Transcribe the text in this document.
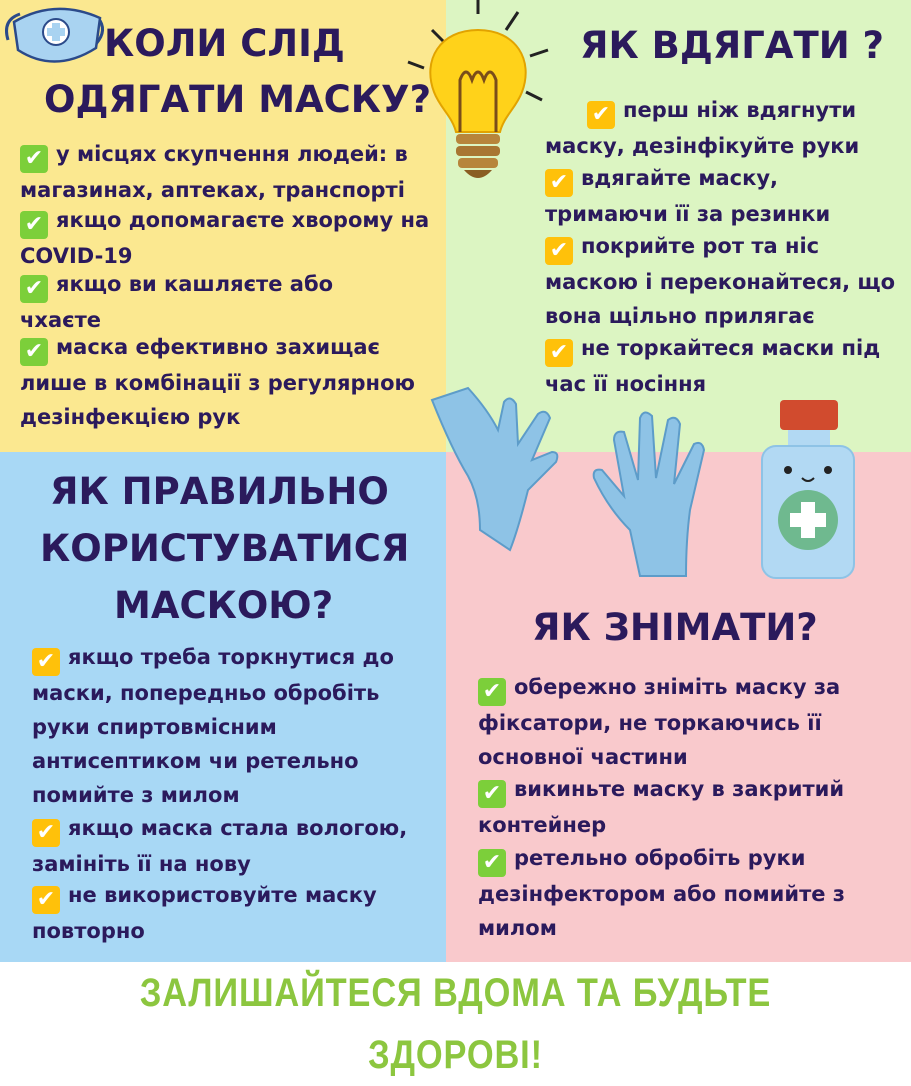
КОЛИ СЛІД
ОДЯГАТИ МАСКУ?
✔ у місцях скупчення людей: в магазинах, аптеках, транспорті
✔ якщо допомагаєте хворому на COVID-19
✔ якщо ви кашляєте або чхаєте
✔ маска ефективно захищає лише в комбінації з регулярною дезінфекцією рук
ЯК ВДЯГАТИ ?
✔ перш ніж вдягнути маску, дезінфікуйте руки
✔ вдягайте маску, тримаючи її за резинки
✔ покрийте рот та ніс маскою і переконайтеся, що вона щільно прилягає
✔ не торкайтеся маски під час її носіння
ЯК ПРАВИЛЬНО
КОРИСТУВАТИСЯ
МАСКОЮ?
✔ якщо треба торкнутися до маски, попередньо обробіть руки спиртовмісним антисептиком чи ретельно помийте з милом
✔ якщо маска стала вологою, замініть її на нову
✔ не використовуйте маску повторно
ЯК ЗНІМАТИ?
✔ обережно зніміть маску за фіксатори, не торкаючись її основної частини
✔ викиньте маску в закритий контейнер
✔ ретельно обробіть руки дезінфектором або помийте з милом
ЗАЛИШАЙТЕСЯ ВДОМА ТА БУДЬТЕ ЗДОРОВІ!
